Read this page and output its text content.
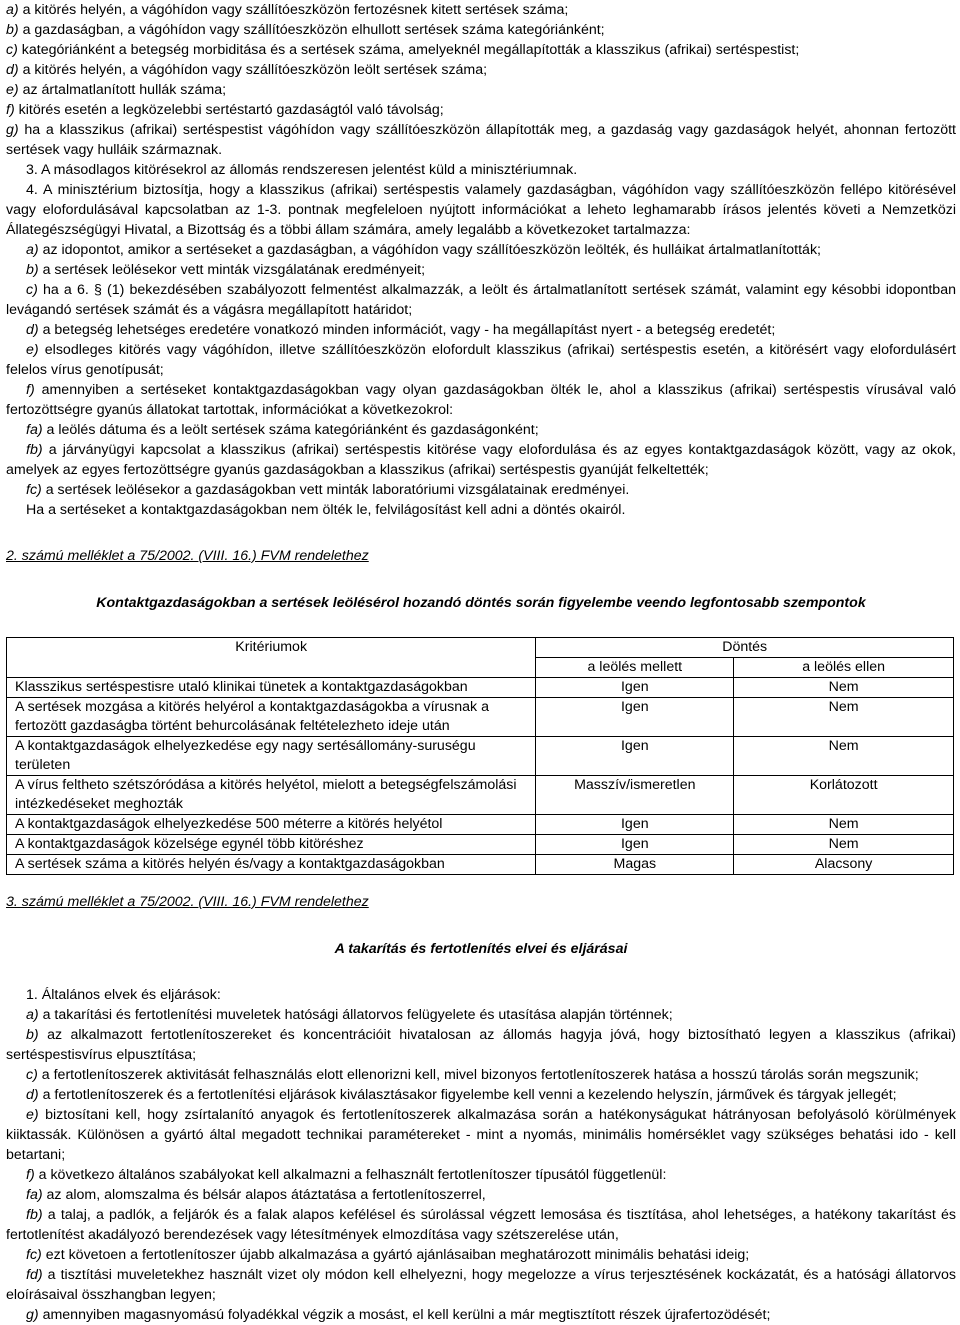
a) a kitörés helyén, a vágóhídon vagy szállítóeszközön fertozésnek kitett sertések száma;

b) a gazdaságban, a vágóhídon vagy szállítóeszközön elhullott sertések száma kategóriánként;

c) kategóriánként a betegség morbiditása és a sertések száma, amelyeknél megállapították a klasszikus (afrikai) sertéspestist;

d) a kitörés helyén, a vágóhídon vagy szállítóeszközön leölt sertések száma;

e) az ártalmatlanított hullák száma;

f) kitörés esetén a legközelebbi sertéstartó gazdaságtól való távolság;

g) ha a klasszikus (afrikai) sertéspestist vágóhídon vagy szállítóeszközön állapították meg, a gazdaság vagy gazdaságok helyét, ahonnan fertozött sertések vagy hulláik származnak.

3. A másodlagos kitörésekrol az állomás rendszeresen jelentést küld a minisztériumnak.

4. A minisztérium biztosítja, hogy a klasszikus (afrikai) sertéspestis valamely gazdaságban, vágóhídon vagy szállítóeszközön fellépo kitörésével vagy elofordulásával kapcsolatban az 1-3. pontnak megfeleloen nyújtott információkat a leheto leghamarabb írásos jelentés követi a Nemzetközi Állategészségügyi Hivatal, a Bizottság és a többi állam számára, amely legalább a következoket tartalmazza:

a) az idopontot, amikor a sertéseket a gazdaságban, a vágóhídon vagy szállítóeszközön leölték, és hulláikat ártalmatlanították;

b) a sertések leölésekor vett minták vizsgálatának eredményeit;

c) ha a 6. § (1) bekezdésében szabályozott felmentést alkalmazzák, a leölt és ártalmatlanított sertések számát, valamint egy késobbi idopontban levágandó sertések számát és a vágásra megállapított határidot;

d) a betegség lehetséges eredetére vonatkozó minden információt, vagy - ha megállapítást nyert - a betegség eredetét;

e) elsodleges kitörés vagy vágóhídon, illetve szállítóeszközön elofordult klasszikus (afrikai) sertéspestis esetén, a kitörésért vagy elofordulásért felelos vírus genotípusát;

f) amennyiben a sertéseket kontaktgazdaságokban vagy olyan gazdaságokban ölték le, ahol a klasszikus (afrikai) sertéspestis vírusával való fertozöttségre gyanús állatokat tartottak, információkat a következokrol:

fa) a leölés dátuma és a leölt sertések száma kategóriánként és gazdaságonként;

fb) a járványügyi kapcsolat a klasszikus (afrikai) sertéspestis kitörése vagy elofordulása és az egyes kontaktgazdaságok között, vagy az okok, amelyek az egyes fertozöttségre gyanús gazdaságokban a klasszikus (afrikai) sertéspestis gyanúját felkeltették;

fc) a sertések leölésekor a gazdaságokban vett minták laboratóriumi vizsgálatainak eredményei.

Ha a sertéseket a kontaktgazdaságokban nem ölték le, felvilágosítást kell adni a döntés okairól.

2. számú melléklet a 75/2002. (VIII. 16.) FVM rendelethez

Kontaktgazdaságokban a sertések leölésérol hozandó döntés során figyelembe veendo legfontosabb szempontok

Kritériumok	Döntés	
	a leölés mellett	a leölés ellen
Klasszikus sertéspestisre utaló klinikai tünetek a kontaktgazdaságokban	Igen	Nem
A sertések mozgása a kitörés helyérol a kontaktgazdaságokba a vírusnak a fertozött gazdaságba történt behurcolásának feltételezheto ideje után	Igen	Nem
A kontaktgazdaságok elhelyezkedése egy nagy sertésállomány-suruségu területen	Igen	Nem
A vírus feltheto szétszóródása a kitörés helyétol, mielott a betegségfelszámolási intézkedéseket meghozták	Masszív/ismeretlen	Korlátozott
A kontaktgazdaságok elhelyezkedése 500 méterre a kitörés helyétol	Igen	Nem
A kontaktgazdaságok közelsége egynél több kitöréshez	Igen	Nem
A sertések száma a kitörés helyén és/vagy a kontaktgazdaságokban	Magas	Alacsony

3. számú melléklet a 75/2002. (VIII. 16.) FVM rendelethez

A takarítás és fertotlenítés elvei és eljárásai

1. Általános elvek és eljárások:

a) a takarítási és fertotlenítési muveletek hatósági állatorvos felügyelete és utasítása alapján történnek;

b) az alkalmazott fertotlenítoszereket és koncentrációit hivatalosan az állomás hagyja jóvá, hogy biztosítható legyen a klasszikus (afrikai) sertéspestisvírus elpusztítása;

c) a fertotlenítoszerek aktivitását felhasználás elott ellenorizni kell, mivel bizonyos fertotlenítoszerek hatása a hosszú tárolás során megszunik;

d) a fertotlenítoszerek és a fertotlenítési eljárások kiválasztásakor figyelembe kell venni a kezelendo helyszín, járművek és tárgyak jellegét;

e) biztosítani kell, hogy zsírtalanító anyagok és fertotlenítoszerek alkalmazása során a hatékonyságukat hátrányosan befolyásoló körülmények kiiktassák. Különösen a gyártó által megadott technikai paramétereket - mint a nyomás, minimális homérséklet vagy szükséges behatási ido - kell betartani;

f) a következo általános szabályokat kell alkalmazni a felhasznált fertotlenítoszer típusától függetlenül:

fa) az alom, alomszalma és bélsár alapos átáztatása a fertotlenítoszerrel,

fb) a talaj, a padlók, a feljárók és a falak alapos kefélésel és súrolással végzett lemosása és tisztítása, ahol lehetséges, a hatékony takarítást és fertotlenítést akadályozó berendezések vagy létesítmények elmozdítása vagy szétszerelése után,

fc) ezt követoen a fertotlenítoszer újabb alkalmazása a gyártó ajánlásaiban meghatározott minimális behatási ideig;

fd) a tisztítási muveletekhez használt vizet oly módon kell elhelyezni, hogy megelozze a vírus terjesztésének kockázatát, és a hatósági állatorvos eloírásaival összhangban legyen;

g) amennyiben magasnyomású folyadékkal végzik a mosást, el kell kerülni a már megtisztított részek újrafertozödését;
